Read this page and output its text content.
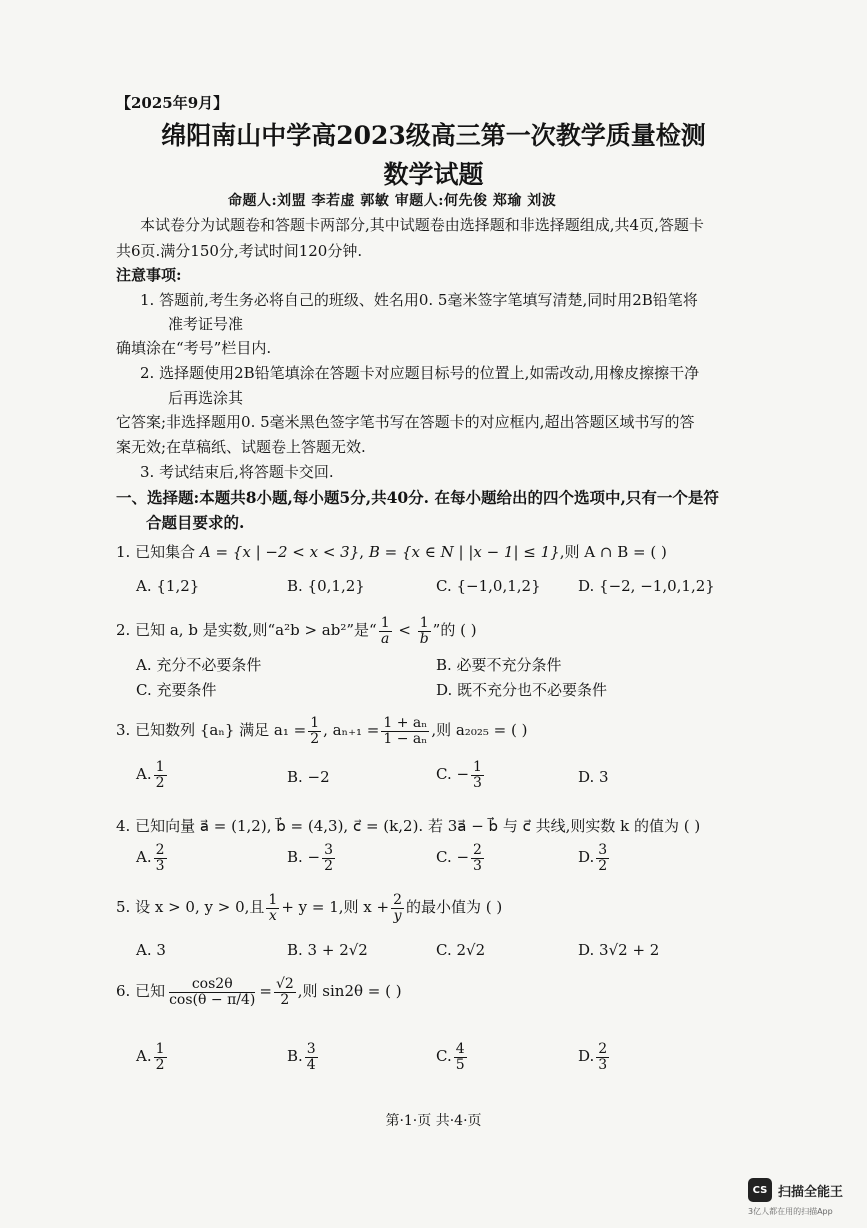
【2025年9月】
绵阳南山中学高2023级高三第一次教学质量检测
数学试题
命题人:刘盟 李若虚 郭敏 审题人:何先俊 郑瑜 刘波
本试卷分为试题卷和答题卡两部分,其中试题卷由选择题和非选择题组成,共4页,答题卡
共6页.满分150分,考试时间120分钟.
注意事项:
1. 答题前,考生务必将自己的班级、姓名用0. 5毫米签字笔填写清楚,同时用2B铅笔将
准考证号准
确填涂在“考号”栏目内.
2. 选择题使用2B铅笔填涂在答题卡对应题目标号的位置上,如需改动,用橡皮擦擦干净
后再选涂其
它答案;非选择题用0. 5毫米黑色签字笔书写在答题卡的对应框内,超出答题区域书写的答
案无效;在草稿纸、试题卷上答题无效.
3. 考试结束后,将答题卡交回.
一、选择题:本题共8小题,每小题5分,共40分. 在每小题给出的四个选项中,只有一个是符
合题目要求的.
1. 已知集合 A = {x | −2 < x < 3}, B = {x ∈ N | |x − 1| ≤ 1},则 A ∩ B = ( )
A. {1,2}	B. {0,1,2}	C. {−1,0,1,2} D. {−2, −1,0,1,2}
2. 已知 a, b 是实数,则“a²b > ab²”是“ $\frac{1}{a} < \frac{1}{b}$ ”的 ( )
A. 充分不必要条件	B. 必要不充分条件
C. 充要条件	D. 既不充分也不必要条件
3. 已知数列 {aₙ} 满足 $a_1 = \frac{1}{2}$ , $a_{n+1} = \frac{\text{1 + aₙ}}{\text{1 − aₙ}}$ ,则 a₂₀₂₅ = ( )
A. $\frac{1}{2}$	B. −2	C. − $\frac{1}{3}$	D. 3
4. 已知向量 a⃗ = (1,2), b⃗ = (4,3), c⃗ = (k,2). 若 3a⃗ − b⃗ 与 c⃗ 共线,则实数 k 的值为 ( )
A. $\frac{2}{3}$	B. − $\frac{3}{2}$	C. − $\frac{2}{3}$	D. $\frac{3}{2}$
5. 设 x > 0, y > 0,且 $\frac{1}{x} + y = 1$,则 $x + \frac{2}{y}$ 的最小值为 ( )
A. 3	B. 3 + 2√2	C. 2√2	D. 3√2 + 2
6. 已知 $\frac{\cos 2\theta}{\cos(\theta - \pi/4)} = \frac{√2}{2}$ ,则 sin2θ = ( )
A. $\frac{1}{2}$	B. $\frac{3}{4}$	C. $\frac{4}{5}$	D. $\frac{2}{3}$
第·1·页 共·4·页
CS 扫描全能王
3亿人都在用的扫描App
